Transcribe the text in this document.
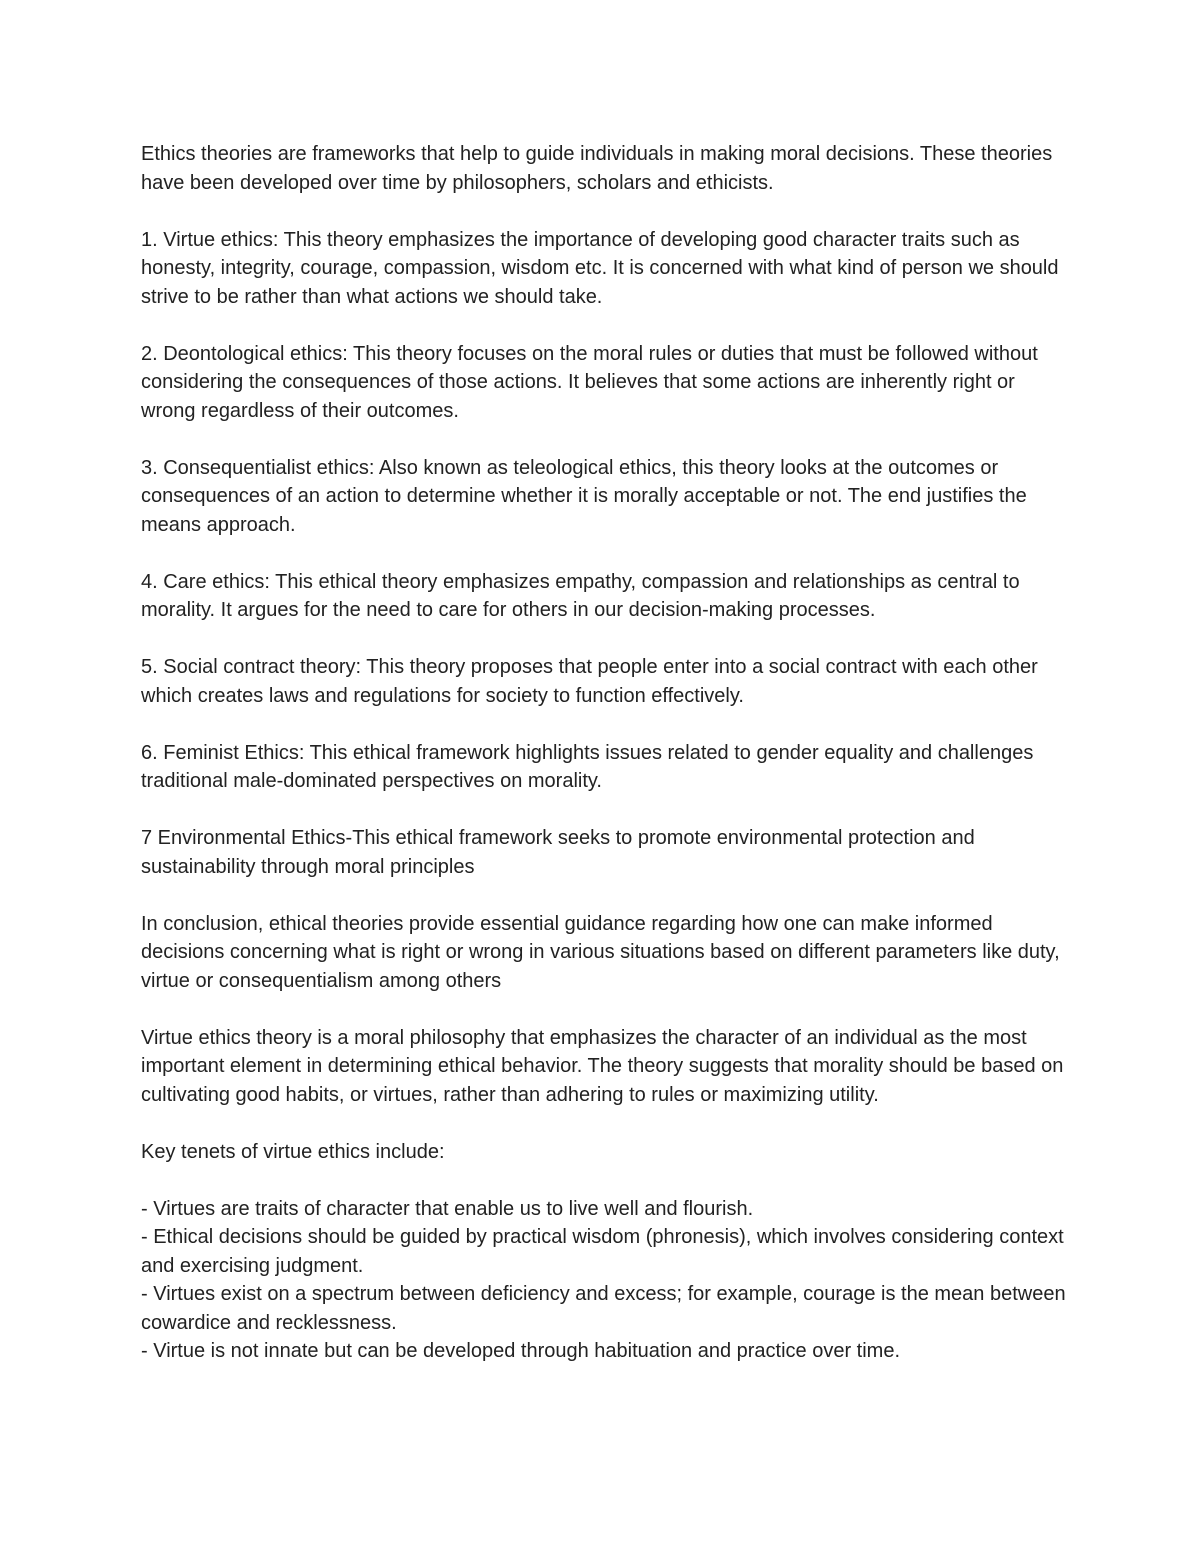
Ethics theories are frameworks that help to guide individuals in making moral decisions. These theories have been developed over time by philosophers, scholars and ethicists.

1. Virtue ethics: This theory emphasizes the importance of developing good character traits such as honesty, integrity, courage, compassion, wisdom etc. It is concerned with what kind of person we should strive to be rather than what actions we should take.

2. Deontological ethics: This theory focuses on the moral rules or duties that must be followed without considering the consequences of those actions. It believes that some actions are inherently right or wrong regardless of their outcomes.

3. Consequentialist ethics: Also known as teleological ethics, this theory looks at the outcomes or consequences of an action to determine whether it is morally acceptable or not. The end justifies the means approach.

4. Care ethics: This ethical theory emphasizes empathy, compassion and relationships as central to morality. It argues for the need to care for others in our decision-making processes.

5. Social contract theory: This theory proposes that people enter into a social contract with each other which creates laws and regulations for society to function effectively.

6. Feminist Ethics: This ethical framework highlights issues related to gender equality and challenges traditional male-dominated perspectives on morality.

7 Environmental Ethics-This ethical framework seeks to promote environmental protection and sustainability through moral principles

In conclusion, ethical theories provide essential guidance regarding how one can make informed decisions concerning what is right or wrong in various situations based on different parameters like duty, virtue or consequentialism among others

Virtue ethics theory is a moral philosophy that emphasizes the character of an individual as the most important element in determining ethical behavior. The theory suggests that morality should be based on cultivating good habits, or virtues, rather than adhering to rules or maximizing utility.

Key tenets of virtue ethics include:

- Virtues are traits of character that enable us to live well and flourish.
- Ethical decisions should be guided by practical wisdom (phronesis), which involves considering context and exercising judgment.
- Virtues exist on a spectrum between deficiency and excess; for example, courage is the mean between cowardice and recklessness.
- Virtue is not innate but can be developed through habituation and practice over time.
